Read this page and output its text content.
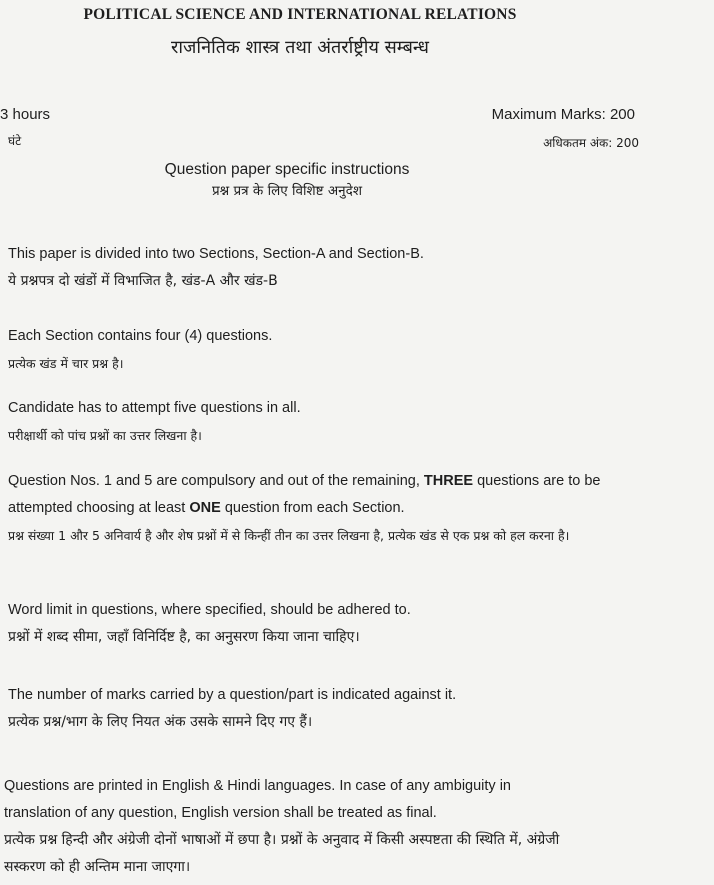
POLITICAL SCIENCE AND INTERNATIONAL RELATIONS
राजनितिक शास्त्र तथा अंतर्राष्ट्रीय सम्बन्ध
3 hours
घंटे
Maximum Marks: 200
अधिकतम अंक: 200
Question paper specific instructions
प्रश्न प्रत्र के लिए विशिष्ट अनुदेश

This paper is divided into two Sections, Section-A and Section-B.

ये प्रश्नपत्र दो खंडों में विभाजित है, खंड-A और खंड-B

Each Section contains four (4) questions.

प्रत्येक खंड में चार प्रश्न है।

Candidate has to attempt five questions in all.

परीक्षार्थी को पांच प्रश्नों का उत्तर लिखना है।

Question Nos. 1 and 5 are compulsory and out of the remaining, THREE questions are to be attempted choosing at least ONE question from each Section.

प्रश्न संख्या 1 और 5 अनिवार्य है और शेष प्रश्नों में से किन्हीं तीन का उत्तर लिखना है, प्रत्येक खंड से एक प्रश्न को हल करना है।

Word limit in questions, where specified, should be adhered to.

प्रश्नों में शब्द सीमा, जहाँ विनिर्दिष्ट है, का अनुसरण किया जाना चाहिए।

The number of marks carried by a question/part is indicated against it.

प्रत्येक प्रश्न/भाग के लिए नियत अंक उसके सामने दिए गए हैं।

Questions are printed in English & Hindi languages. In case of any ambiguity in translation of any question, English version shall be treated as final.

प्रत्येक प्रश्न हिन्दी और अंग्रेजी दोनों भाषाओं में छपा है। प्रश्नों के अनुवाद में किसी अस्पष्टता की स्थिति में, अंग्रेजी सस्करण को ही अन्तिम माना जाएगा।
